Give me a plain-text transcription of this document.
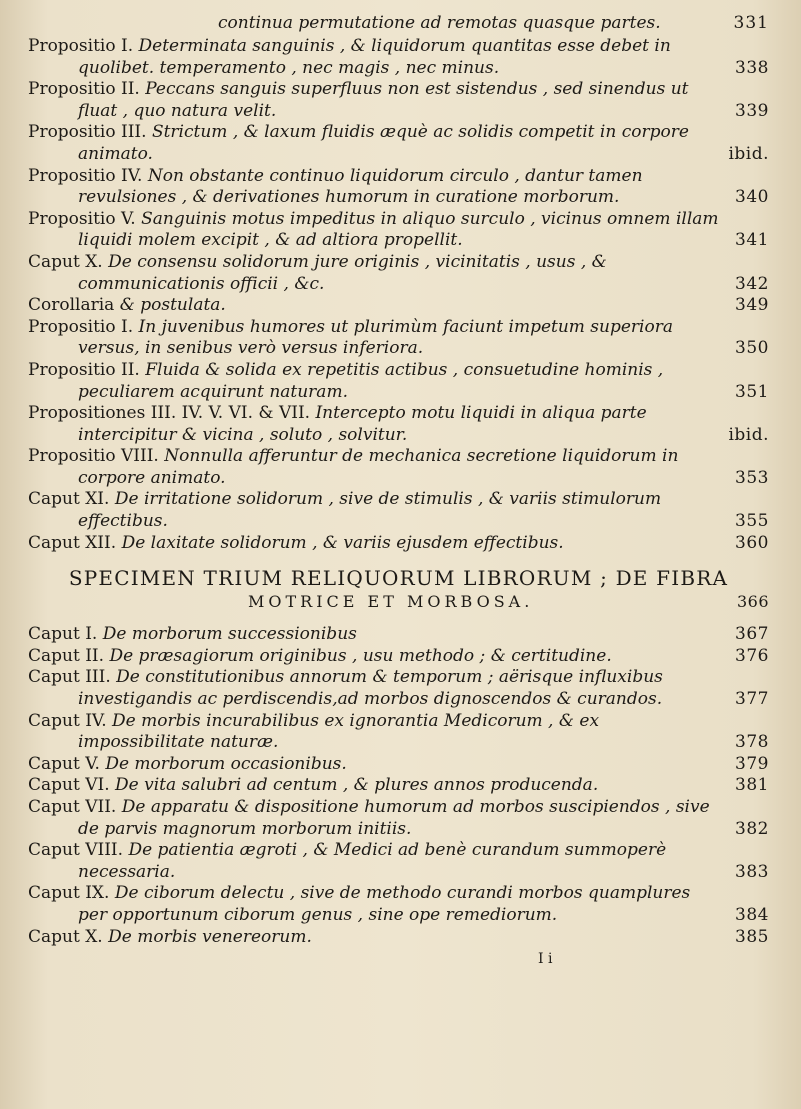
continua permutatione ad remotas quasque partes.	331
Propositio I. Determinata sanguinis , & liquidorum quantitas esse debet in quolibet. temperamento , nec magis , nec minus.	338
Propositio II. Peccans sanguis superfluus non est sistendus , sed sinendus ut fluat , quo natura velit.	339
Propositio III. Strictum , & laxum fluidis æquè ac solidis competit in corpore animato.	ibid.
Propositio IV. Non obstante continuo liquidorum circulo , dantur tamen revulsiones , & derivationes humorum in curatione morborum.	340
Propositio V. Sanguinis motus impeditus in aliquo surculo , vicinus omnem illam liquidi molem excipit , & ad altiora propellit.	341
Caput X. De consensu solidorum jure originis , vicinitatis , usus , & communicationis officii , &c.	342
Corollaria & postulata.	349
Propositio I. In juvenibus humores ut plurimùm faciunt impetum superiora versus, in senibus verò versus inferiora.	350
Propositio II. Fluida & solida ex repetitis actibus , consuetudine hominis , peculiarem acquirunt naturam.	351
Propositiones III. IV. V. VI. & VII. Intercepto motu liquidi in aliqua parte intercipitur & vicina , soluto , solvitur.	ibid.
Propositio VIII. Nonnulla afferuntur de mechanica secretione liquidorum in corpore animato.	353
Caput XI. De irritatione solidorum , sive de stimulis , & variis stimulorum effectibus.	355
Caput XII. De laxitate solidorum , & variis ejusdem effectibus.	360
SPECIMEN TRIUM RELIQUORUM LIBRORUM ; DE FIBRA
MOTRICE ET MORBOSA.	366
Caput I. De morborum successionibus	367
Caput II. De præsagiorum originibus , usu methodo ; & certitudine.	376
Caput III. De constitutionibus annorum & temporum ; aërisque influxibus investigandis ac perdiscendis,ad morbos dignoscendos & curandos.	377
Caput IV. De morbis incurabilibus ex ignorantia Medicorum , & ex impossibilitate naturæ.	378
Caput V. De morborum occasionibus.	379
Caput VI. De vita salubri ad centum , & plures annos producenda.	381
Caput VII. De apparatu & dispositione humorum ad morbos suscipiendos , sive de parvis magnorum morborum initiis.	382
Caput VIII. De patientia ægroti , & Medici ad benè curandum summoperè necessaria.	383
Caput IX. De ciborum delectu , sive de methodo curandi morbos quamplures per opportunum ciborum genus , sine ope remediorum.	384
Caput X. De morbis venereorum.	385
I i
